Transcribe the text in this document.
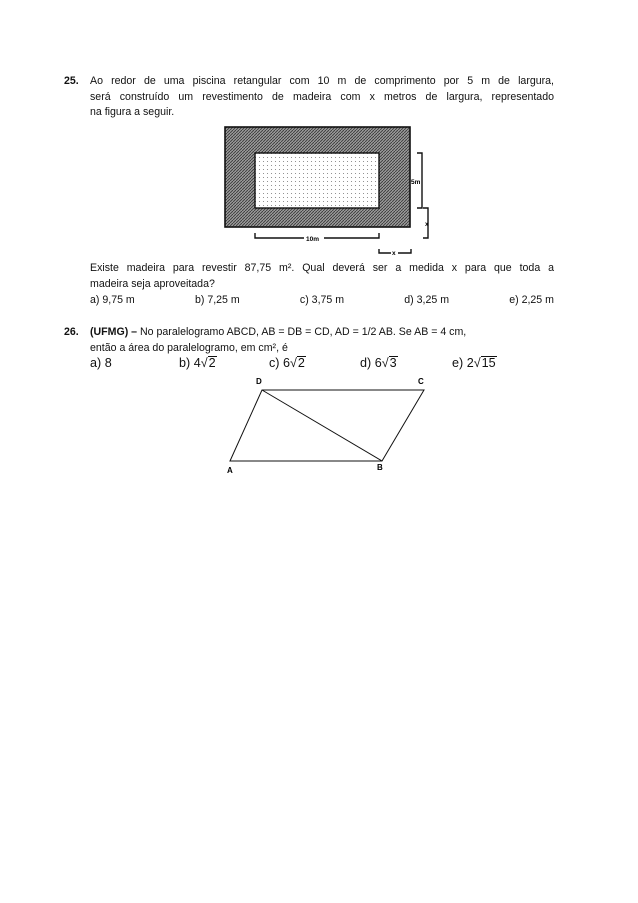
25. Ao redor de uma piscina retangular com 10 m de comprimento por 5 m de largura,
será construído um revestimento de madeira com x metros de largura, representado
na figura a seguir.
5m
x
10m
x
Existe madeira para revestir 87,75 m². Qual deverá ser a medida x para que toda a
madeira seja aproveitada?
a) 9,75 m	b) 7,25 m	c) 3,75 m	d) 3,25 m	e) 2,25 m
26. (UFMG) – No paralelogramo ABCD, AB = DB = CD, AD = 1/2 AB. Se AB = 4 cm,
então a área do paralelogramo, em cm², é
a) 8	b) 4√2	c) 6√2	d) 6√3	e) 2√15
A	B
C
D
